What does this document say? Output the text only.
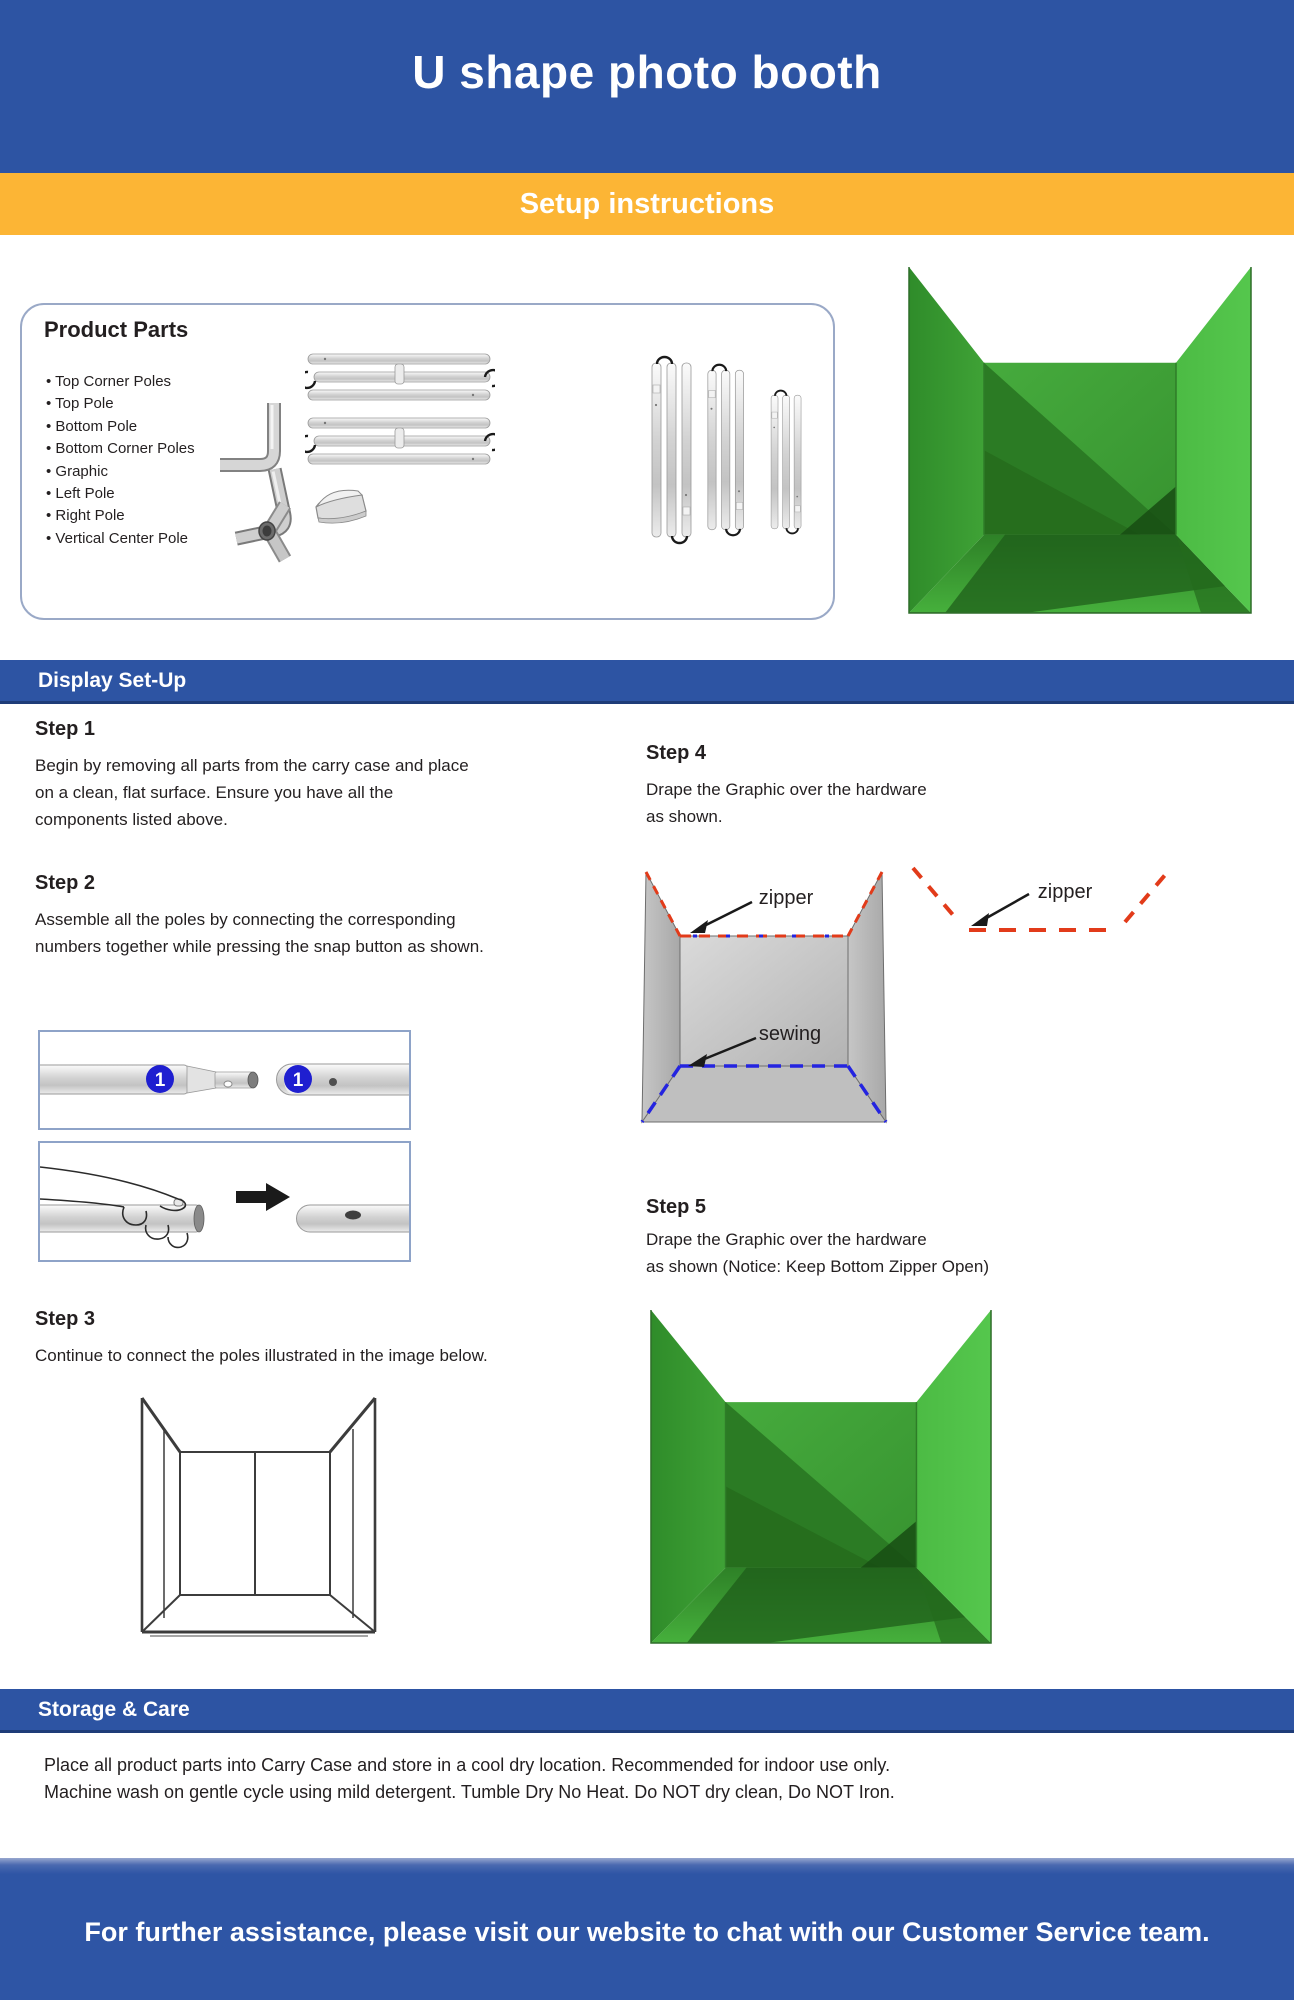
U shape photo booth
Setup instructions
Product Parts
• Top Corner Poles
• Top Pole
• Bottom Pole
• Bottom Corner Poles
• Graphic
• Left Pole
• Right Pole
• Vertical Center Pole
Display Set-Up
Step 1
Begin by removing all parts from the carry case and place on a clean, flat surface. Ensure you have all the components listed above.
Step 2
Assemble all the poles by connecting the corresponding numbers together while pressing the snap button as shown.
1	1
Step 3
Continue to connect the poles illustrated in the image below.
Step 4
Drape the Graphic over the hardware
as shown.
zipper
sewing
zipper
Step 5
Drape the Graphic over the hardware
as shown (Notice: Keep Bottom Zipper Open)
Storage & Care
Place all product parts into Carry Case and store in a cool dry location. Recommended for indoor use only.
Machine wash on gentle cycle using mild detergent. Tumble Dry No Heat. Do NOT dry clean, Do NOT Iron.
For further assistance, please visit our website to chat with our Customer Service team.
